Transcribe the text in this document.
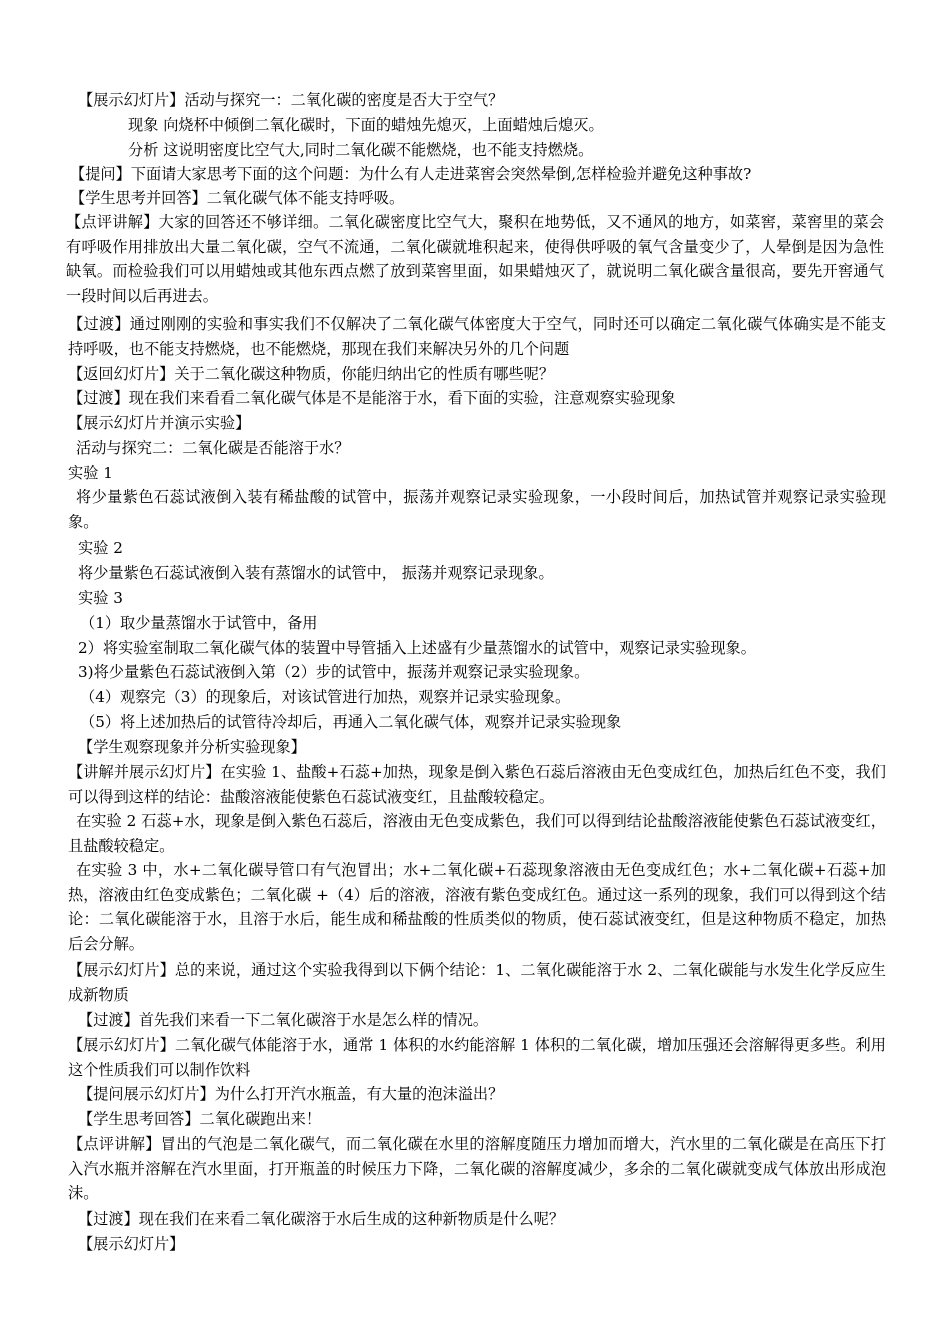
【展示幻灯片】活动与探究一：二氧化碳的密度是否大于空气？

现象 向烧杯中倾倒二氧化碳时，下面的蜡烛先熄灭，上面蜡烛后熄灭。

分析 这说明密度比空气大,同时二氧化碳不能燃烧，也不能支持燃烧。

【提问】下面请大家思考下面的这个问题：为什么有人走进菜窖会突然晕倒,怎样检验并避免这种事故?

【学生思考并回答】二氧化碳气体不能支持呼吸。

【点评讲解】大家的回答还不够详细。二氧化碳密度比空气大，聚积在地势低，又不通风的地方，如菜窖，菜窖里的菜会有呼吸作用排放出大量二氧化碳，空气不流通，二氧化碳就堆积起来，使得供呼吸的氧气含量变少了，人晕倒是因为急性缺氧。而检验我们可以用蜡烛或其他东西点燃了放到菜窖里面，如果蜡烛灭了，就说明二氧化碳含量很高，要先开窖通气一段时间以后再进去。

【过渡】通过刚刚的实验和事实我们不仅解决了二氧化碳气体密度大于空气，同时还可以确定二氧化碳气体确实是不能支持呼吸，也不能支持燃烧，也不能燃烧，那现在我们来解决另外的几个问题

【返回幻灯片】关于二氧化碳这种物质，你能归纳出它的性质有哪些呢？

【过渡】现在我们来看看二氧化碳气体是不是能溶于水，看下面的实验，注意观察实验现象

【展示幻灯片并演示实验】

活动与探究二：二氧化碳是否能溶于水？

实验 1

将少量紫色石蕊试液倒入装有稀盐酸的试管中，振荡并观察记录实验现象，一小段时间后，加热试管并观察记录实验现象。

实验 2

将少量紫色石蕊试液倒入装有蒸馏水的试管中， 振荡并观察记录现象。

实验 3

（1）取少量蒸馏水于试管中，备用

2）将实验室制取二氧化碳气体的装置中导管插入上述盛有少量蒸馏水的试管中，观察记录实验现象。

3)将少量紫色石蕊试液倒入第（2）步的试管中，振荡并观察记录实验现象。

（4）观察完（3）的现象后，对该试管进行加热，观察并记录实验现象。

（5）将上述加热后的试管待冷却后，再通入二氧化碳气体，观察并记录实验现象

【学生观察现象并分析实验现象】

【讲解并展示幻灯片】在实验 1、盐酸+石蕊+加热，现象是倒入紫色石蕊后溶液由无色变成红色，加热后红色不变，我们可以得到这样的结论：盐酸溶液能使紫色石蕊试液变红，且盐酸较稳定。

在实验 2 石蕊+水，现象是倒入紫色石蕊后，溶液由无色变成紫色，我们可以得到结论盐酸溶液能使紫色石蕊试液变红，且盐酸较稳定。

在实验 3 中，水+二氧化碳导管口有气泡冒出；水+二氧化碳+石蕊现象溶液由无色变成红色；水+二氧化碳+石蕊+加热，溶液由红色变成紫色；二氧化碳 +（4）后的溶液，溶液有紫色变成红色。通过这一系列的现象，我们可以得到这个结论：二氧化碳能溶于水，且溶于水后，能生成和稀盐酸的性质类似的物质，使石蕊试液变红，但是这种物质不稳定，加热后会分解。

【展示幻灯片】总的来说，通过这个实验我得到以下俩个结论：1、二氧化碳能溶于水 2、二氧化碳能与水发生化学反应生成新物质

【过渡】首先我们来看一下二氧化碳溶于水是怎么样的情况。

【展示幻灯片】二氧化碳气体能溶于水，通常 1 体积的水约能溶解 1 体积的二氧化碳，增加压强还会溶解得更多些。利用这个性质我们可以制作饮料

【提问展示幻灯片】为什么打开汽水瓶盖，有大量的泡沫溢出？

【学生思考回答】二氧化碳跑出来！

【点评讲解】冒出的气泡是二氧化碳气，而二氧化碳在水里的溶解度随压力增加而增大，汽水里的二氧化碳是在高压下打入汽水瓶并溶解在汽水里面，打开瓶盖的时候压力下降，二氧化碳的溶解度减少，多余的二氧化碳就变成气体放出形成泡沫。

【过渡】现在我们在来看二氧化碳溶于水后生成的这种新物质是什么呢？

【展示幻灯片】
